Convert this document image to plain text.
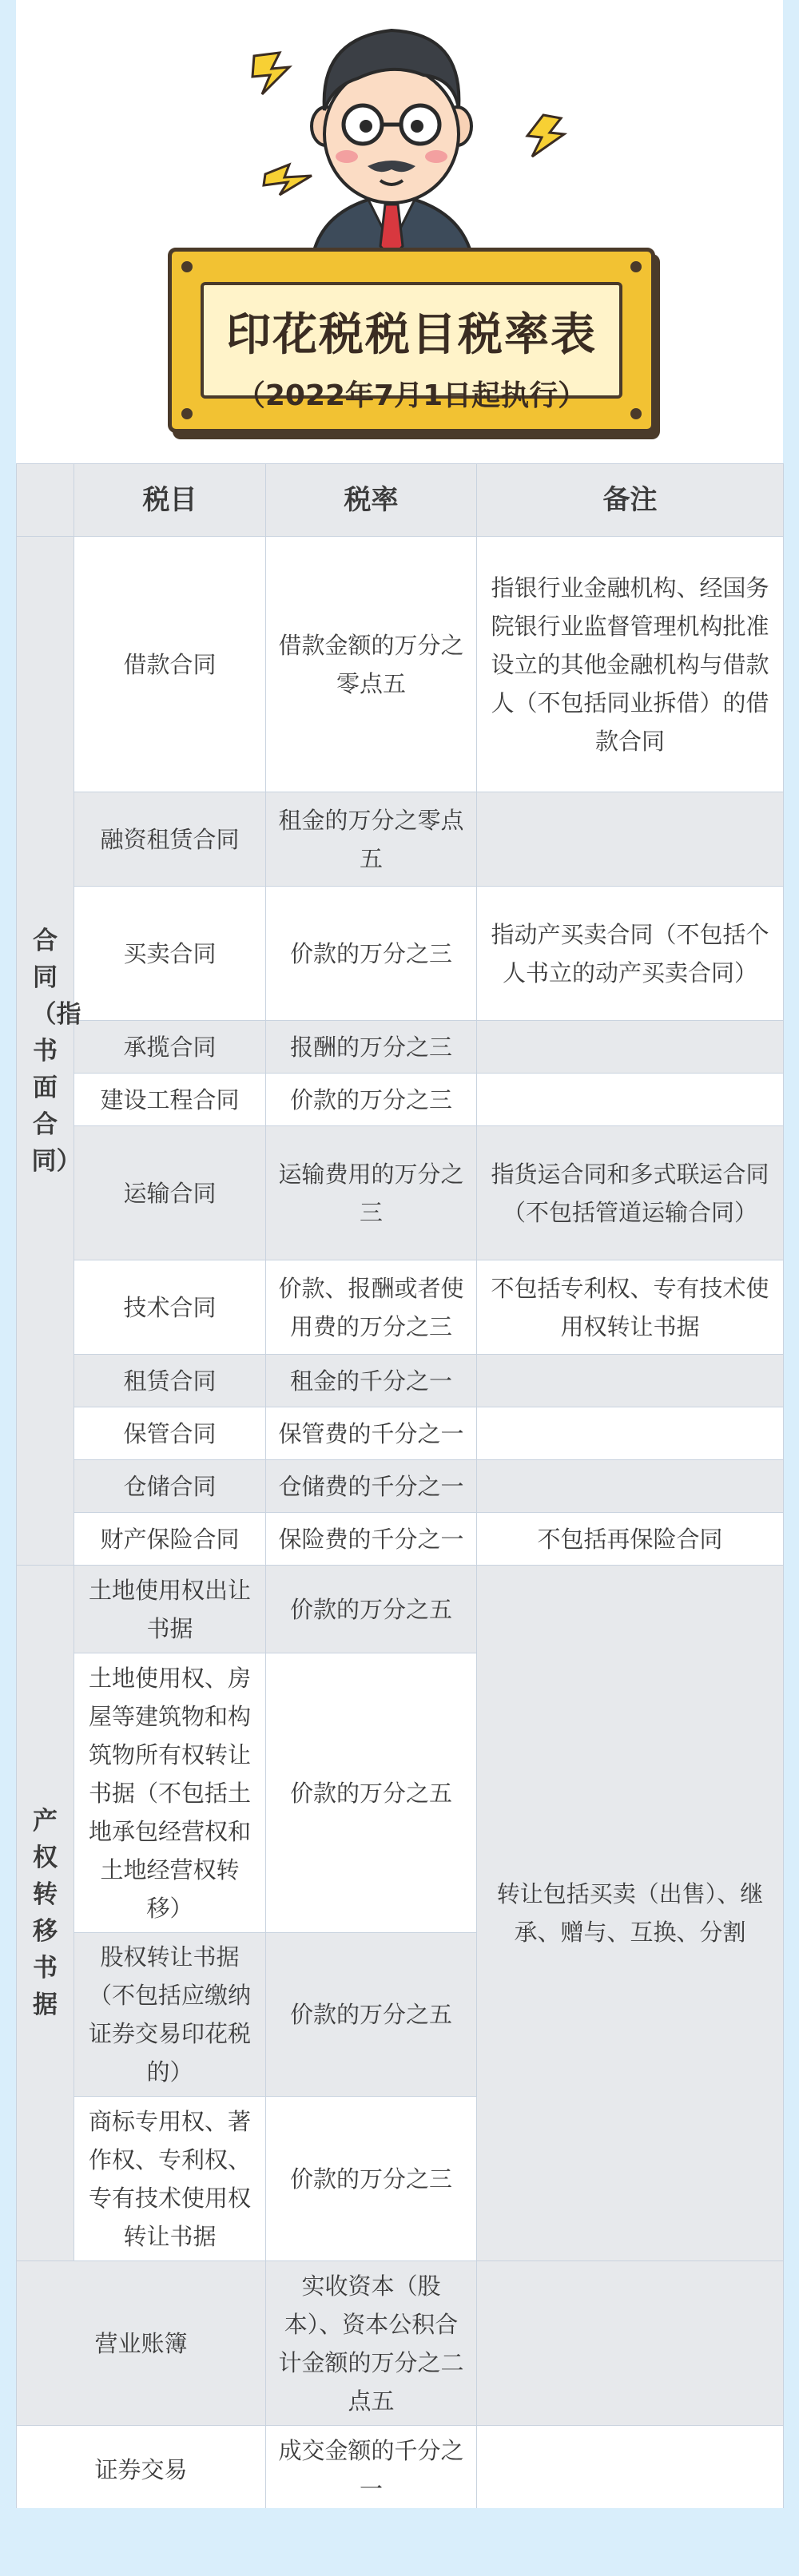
印花税税目税率表
（2022年7月1日起执行）
	税目	税率	备注

合同（指书面合同）	借款合同	借款金额的万分之零点五	指银行业金融机构、经国务院银行业监督管理机构批准设立的其他金融机构与借款人（不包括同业拆借）的借款合同
	融资租赁合同	租金的万分之零点五	
	买卖合同	价款的万分之三	指动产买卖合同（不包括个人书立的动产买卖合同）
	承揽合同	报酬的万分之三	
	建设工程合同	价款的万分之三	
	运输合同	运输费用的万分之三	指货运合同和多式联运合同（不包括管道运输合同）
	技术合同	价款、报酬或者使用费的万分之三	不包括专利权、专有技术使用权转让书据
	租赁合同	租金的千分之一	
	保管合同	保管费的千分之一	
	仓储合同	仓储费的千分之一	
	财产保险合同	保险费的千分之一	不包括再保险合同

产权转移书据	土地使用权出让书据	价款的万分之五	转让包括买卖（出售）、继承、赠与、互换、分割
	土地使用权、房屋等建筑物和构筑物所有权转让书据（不包括土地承包经营权和土地经营权转移）	价款的万分之五	
	股权转让书据（不包括应缴纳证券交易印花税的）	价款的万分之五	
	商标专用权、著作权、专利权、专有技术使用权转让书据	价款的万分之三	
营业账簿		实收资本（股本）、资本公积合计金额的万分之二点五	
证券交易		成交金额的千分之一	
